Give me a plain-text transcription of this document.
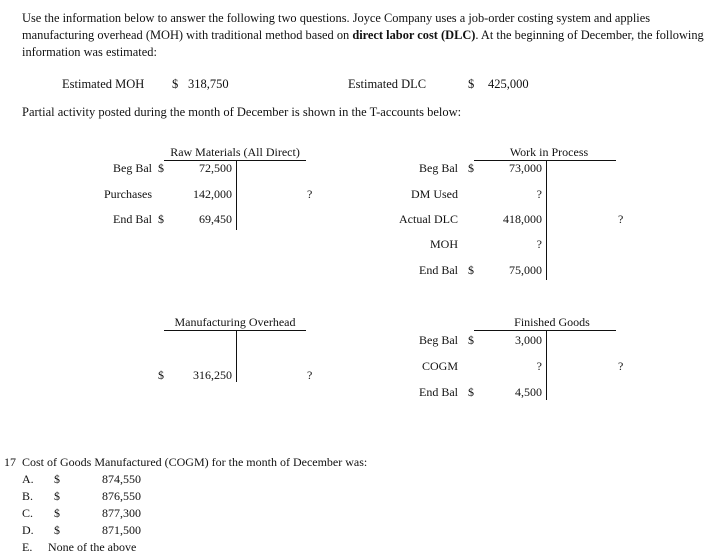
Use the information below to answer the following two questions. Joyce Company uses a job-order costing system and applies manufacturing overhead (MOH) with traditional method based on direct labor cost (DLC). At the beginning of December, the following information was estimated:
Estimated MOH $ 318,750	Estimated DLC	$ 425,000
Partial activity posted during the month of December is shown in the T-accounts below:
Raw Materials (All Direct)
Beg Bal $	72,500
Purchases	142,000
End Bal $	69,450
?
Work in Process
Beg Bal $	73,000
DM Used	?
Actual DLC	418,000
MOH	?
End Bal $	75,000
?
Manufacturing Overhead
$	316,250	?
Finished Goods
Beg Bal $	3,000
COGM	?
End Bal $	4,500
?
17 Cost of Goods Manufactured (COGM) for the month of December was:
A. $	874,550
B. $	876,550
C. $	877,300
D. $	871,500
E. None of the above
